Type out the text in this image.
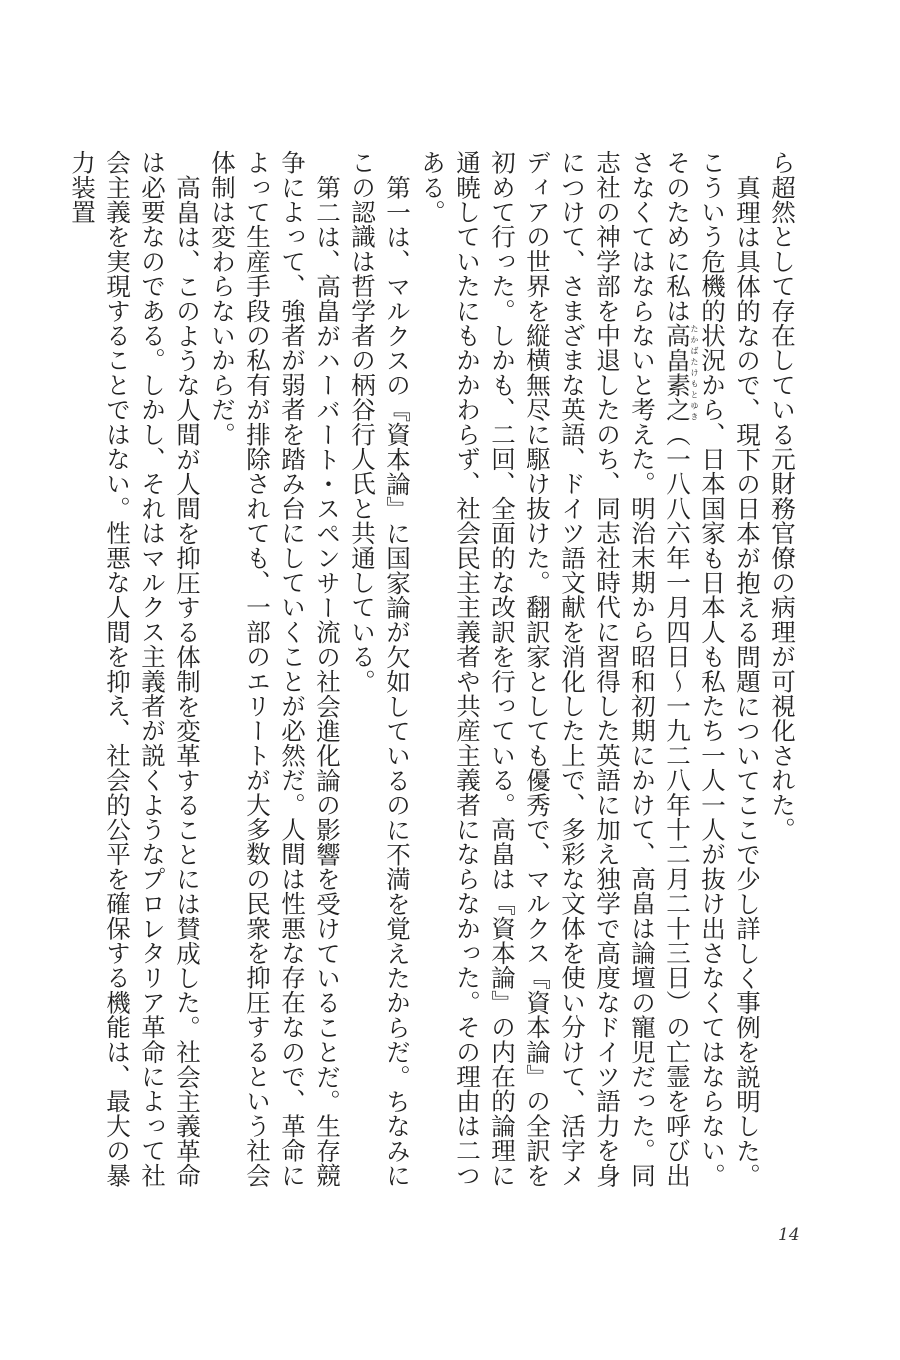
ら超然として存在している元財務官僚の病理が可視化された。

真理は具体的なので、現下の日本が抱える問題についてここで少し詳しく事例を説明した。こういう危機的状況から、日本国家も日本人も私たち一人一人が抜け出さなくてはならない。そのために私は高畠素之たかばたけもとゆき（一八八六年一月四日～一九二八年十二月二十三日）の亡霊を呼び出さなくてはならないと考えた。明治末期から昭和初期にかけて、高畠は論壇の寵児だった。同志社の神学部を中退したのち、同志社時代に習得した英語に加え独学で高度なドイツ語力を身につけて、さまざまな英語、ドイツ語文献を消化した上で、多彩な文体を使い分けて、活字メディアの世界を縦横無尽に駆け抜けた。翻訳家としても優秀で、マルクス『資本論』の全訳を初めて行った。しかも、二回、全面的な改訳を行っている。高畠は『資本論』の内在的論理に通暁していたにもかかわらず、社会民主主義者や共産主義者にならなかった。その理由は二つある。

第一は、マルクスの『資本論』に国家論が欠如しているのに不満を覚えたからだ。ちなみにこの認識は哲学者の柄谷行人氏と共通している。

第二は、高畠がハーバート・スペンサー流の社会進化論の影響を受けていることだ。生存競争によって、強者が弱者を踏み台にしていくことが必然だ。人間は性悪な存在なので、革命によって生産手段の私有が排除されても、一部のエリートが大多数の民衆を抑圧するという社会体制は変わらないからだ。

高畠は、このような人間が人間を抑圧する体制を変革することには賛成した。社会主義革命は必要なのである。しかし、それはマルクス主義者が説くようなプロレタリア革命によって社会主義を実現することではない。性悪な人間を抑え、社会的公平を確保する機能は、最大の暴力装置

14
